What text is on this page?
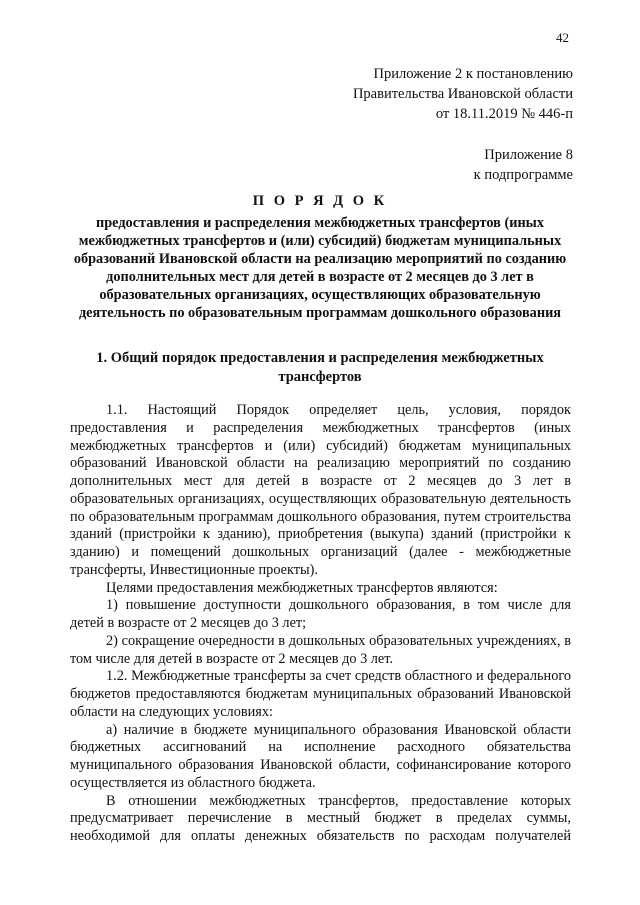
42
Приложение 2 к постановлению
Правительства Ивановской области
от 18.11.2019 № 446-п
Приложение 8
к подпрограмме
П О Р Я Д О К
предоставления и распределения межбюджетных трансфертов (иных межбюджетных трансфертов и (или) субсидий) бюджетам муниципальных образований Ивановской области на реализацию мероприятий по созданию дополнительных мест для детей в возрасте от 2 месяцев до 3 лет в образовательных организациях, осуществляющих образовательную деятельность по образовательным программам дошкольного образования
1. Общий порядок предоставления и распределения межбюджетных трансфертов

1.1. Настоящий Порядок определяет цель, условия, порядок предоставления и распределения межбюджетных трансфертов (иных межбюджетных трансфертов и (или) субсидий) бюджетам муниципальных образований Ивановской области на реализацию мероприятий по созданию дополнительных мест для детей в возрасте от 2 месяцев до 3 лет в образовательных организациях, осуществляющих образовательную деятельность по образовательным программам дошкольного образования, путем строительства зданий (пристройки к зданию), приобретения (выкупа) зданий (пристройки к зданию) и помещений дошкольных организаций (далее - межбюджетные трансферты, Инвестиционные проекты).

Целями предоставления межбюджетных трансфертов являются:

1) повышение доступности дошкольного образования, в том числе для детей в возрасте от 2 месяцев до 3 лет;

2) сокращение очередности в дошкольных образовательных учреждениях, в том числе для детей в возрасте от 2 месяцев до 3 лет.

1.2. Межбюджетные трансферты за счет средств областного и федерального бюджетов предоставляются бюджетам муниципальных образований Ивановской области на следующих условиях:

а) наличие в бюджете муниципального образования Ивановской области бюджетных ассигнований на исполнение расходного обязательства муниципального образования Ивановской области, софинансирование которого осуществляется из областного бюджета.

В отношении межбюджетных трансфертов, предоставление которых предусматривает перечисление в местный бюджет в пределах суммы, необходимой для оплаты денежных обязательств по расходам получателей
